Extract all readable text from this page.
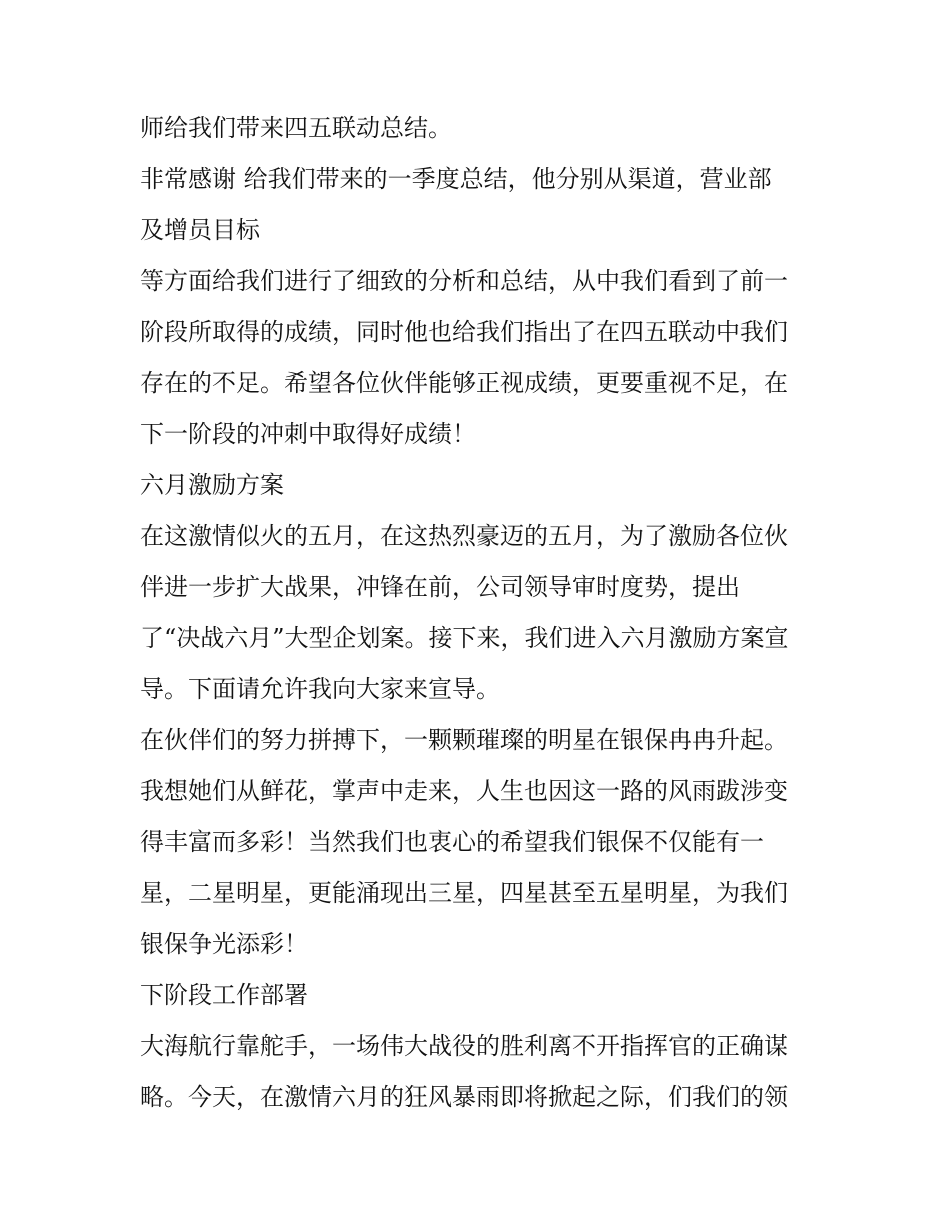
师给我们带来四五联动总结。
非常感谢 给我们带来的一季度总结，他分别从渠道，营业部
及增员目标
等方面给我们进行了细致的分析和总结，从中我们看到了前一
阶段所取得的成绩，同时他也给我们指出了在四五联动中我们
存在的不足。希望各位伙伴能够正视成绩，更要重视不足，在
下一阶段的冲刺中取得好成绩！
六月激励方案
在这激情似火的五月，在这热烈豪迈的五月，为了激励各位伙
伴进一步扩大战果，冲锋在前，公司领导审时度势，提出
了“决战六月”大型企划案。接下来，我们进入六月激励方案宣
导。下面请允许我向大家来宣导。
在伙伴们的努力拼搏下，一颗颗璀璨的明星在银保冉冉升起。
我想她们从鲜花，掌声中走来，人生也因这一路的风雨跋涉变
得丰富而多彩！当然我们也衷心的希望我们银保不仅能有一
星，二星明星，更能涌现出三星，四星甚至五星明星，为我们
银保争光添彩！
下阶段工作部署
大海航行靠舵手，一场伟大战役的胜利离不开指挥官的正确谋
略。今天，在激情六月的狂风暴雨即将掀起之际，们我们的领
